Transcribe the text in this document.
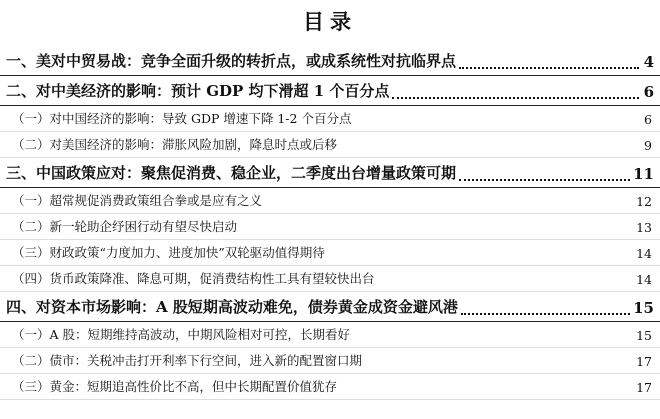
目录
一、美对中贸易战：竞争全面升级的转折点，或成系统性对抗临界点	4
二、对中美经济的影响：预计 GDP 均下滑超 1 个百分点	6
（一）对中国经济的影响：导致 GDP 增速下降 1-2 个百分点	6
（二）对美国经济的影响：滞胀风险加剧，降息时点或后移	9
三、中国政策应对：聚焦促消费、稳企业，二季度出台增量政策可期	11
（一）超常规促消费政策组合拳或是应有之义	12
（二）新一轮助企纾困行动有望尽快启动	13
（三）财政政策“力度加力、进度加快”双轮驱动值得期待	14
（四）货币政策降准、降息可期，促消费结构性工具有望较快出台	14
四、对资本市场影响：A 股短期高波动难免，债券黄金成资金避风港	15
（一）A 股：短期维持高波动，中期风险相对可控，长期看好	15
（二）债市：关税冲击打开利率下行空间，进入新的配置窗口期	17
（三）黄金：短期追高性价比不高，但中长期配置价值犹存	17
